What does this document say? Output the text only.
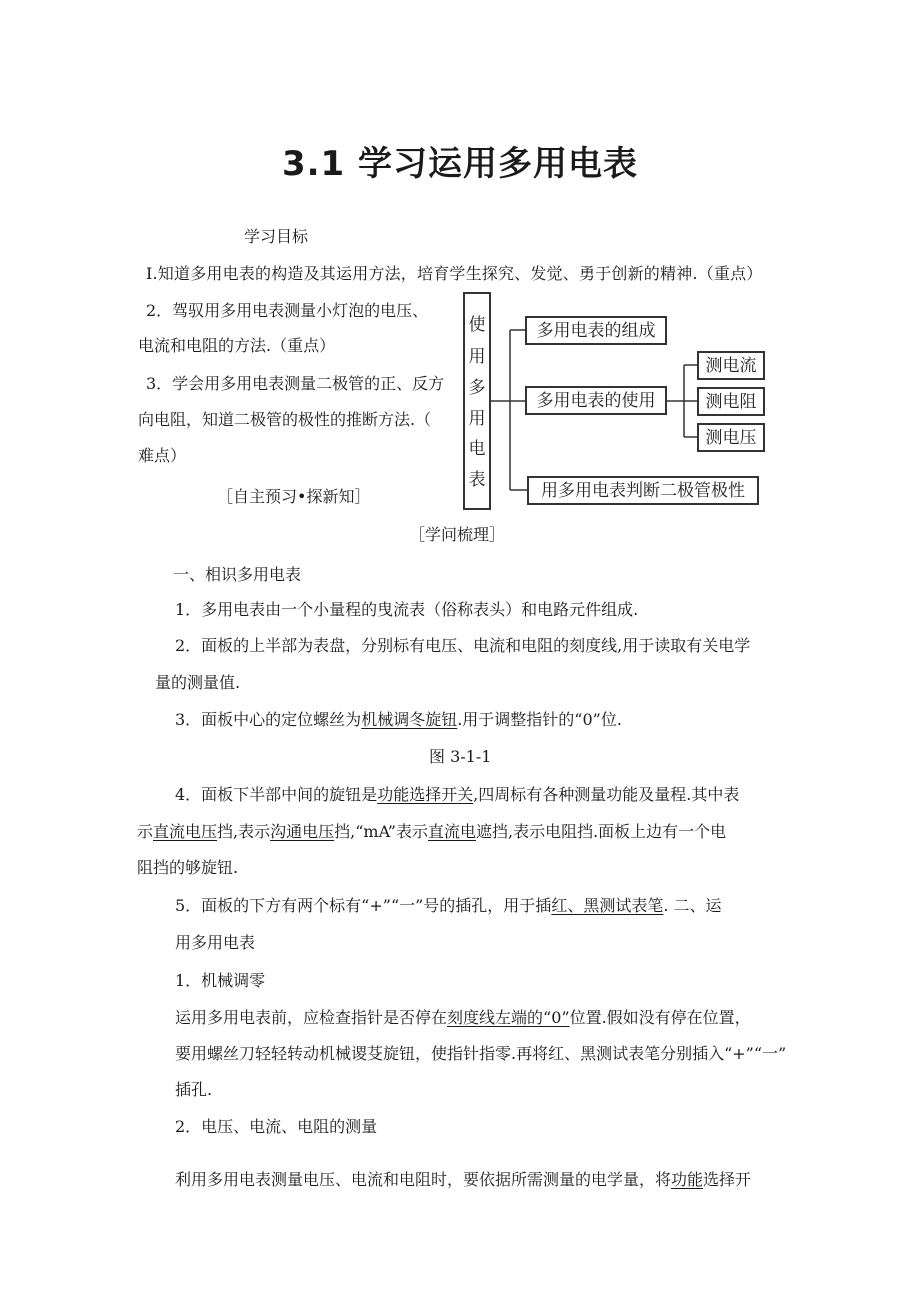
3.1 学习运用多用电表
学习目标
I.知道多用电表的构造及其运用方法，培育学生探究、发觉、勇于创新的精神.（重点）
2．驾驭用多用电表测量小灯泡的电压、
电流和电阻的方法.（重点）
3．学会用多用电表测量二极管的正、反方
向电阻，知道二极管的极性的推断方法.（
难点）
使
用
多
用
电
表
多用电表的组成
多用电表的使用
测电流
测电阻
测电压
用多用电表判断二极管极性
［自主预习•探新知］
［学问梳理］
一、相识多用电表
1．多用电表由一个小量程的曳流表（俗称表头）和电路元件组成.
2．面板的上半部为表盘，分别标有电压、电流和电阻的刻度线,用于读取有关电学
量的测量值.
3．面板中心的定位螺丝为机械调冬旋钮.用于调整指针的“0”位.
图 3-1-1
4．面板下半部中间的旋钮是功能选择开关,四周标有各种测量功能及量程.其中表
示直流电压挡,表示沟通电压挡,“mA”表示直流电遮挡,表示电阻挡.面板上边有一个电
阻挡的够旋钮.
5．面板的下方有两个标有“+”“一”号的插孔，用于插红、黑测试表笔. 二、运
用多用电表
1．机械调零
运用多用电表前，应检查指针是否停在刻度线左端的“0”位置.假如没有停在位置，
要用螺丝刀轻轻转动机械谡芟旋钮，使指针指零.再将红、黑测试表笔分别插入“+”“一”
插孔.
2．电压、电流、电阻的测量
利用多用电表测量电压、电流和电阻时，要依据所需测量的电学量，将功能选择开
